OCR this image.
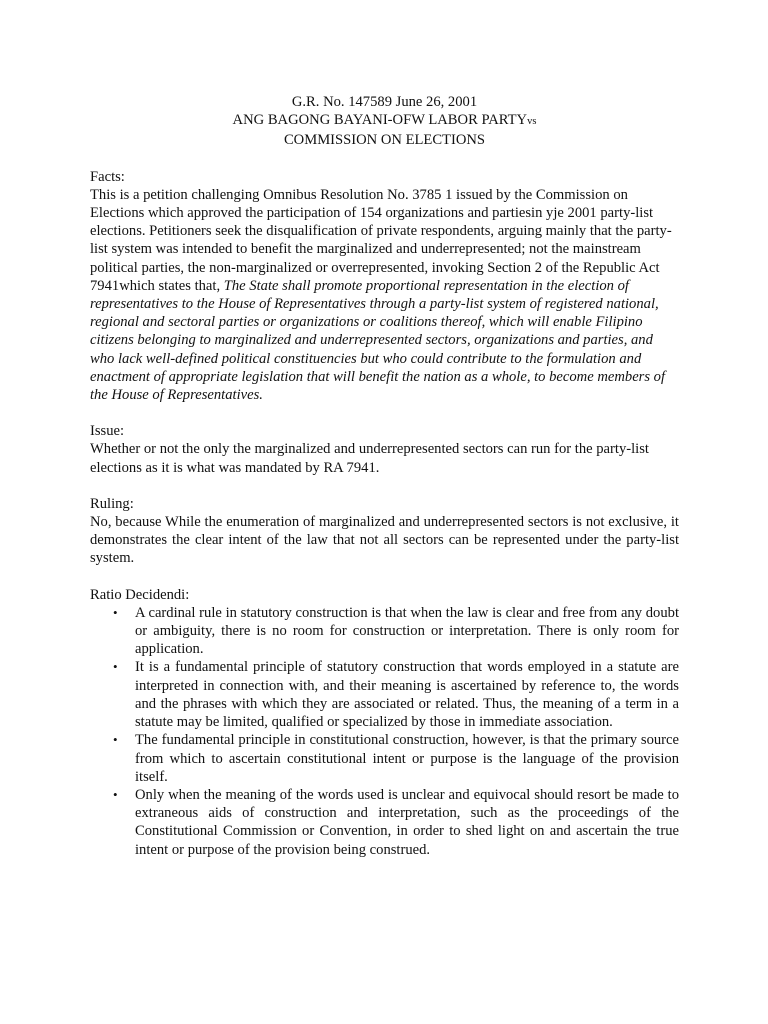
G.R. No. 147589 June 26, 2001
ANG BAGONG BAYANI-OFW LABOR PARTYvs
COMMISSION ON ELECTIONS

Facts:

This is a petition challenging Omnibus Resolution No. 3785 1 issued by the Commission on Elections which approved the participation of 154 organizations and partiesin yje 2001 party-list elections. Petitioners seek the disqualification of private respondents, arguing mainly that the party-list system was intended to benefit the marginalized and underrepresented; not the mainstream political parties, the non-marginalized or overrepresented, invoking Section 2 of the Republic Act 7941which states that, The State shall promote proportional representation in the election of representatives to the House of Representatives through a party-list system of registered national, regional and sectoral parties or organizations or coalitions thereof, which will enable Filipino citizens belonging to marginalized and underrepresented sectors, organizations and parties, and who lack well-defined political constituencies but who could contribute to the formulation and enactment of appropriate legislation that will benefit the nation as a whole, to become members of the House of Representatives.

Issue:

Whether or not the only the marginalized and underrepresented sectors can run for the party-list elections as it is what was mandated by RA 7941.

Ruling:

No, because While the enumeration of marginalized and underrepresented sectors is not exclusive, it demonstrates the clear intent of the law that not all sectors can be represented under the party-list system.

Ratio Decidendi:

• A cardinal rule in statutory construction is that when the law is clear and free from any doubt or ambiguity, there is no room for construction or interpretation. There is only room for application.
• It is a fundamental principle of statutory construction that words employed in a statute are interpreted in connection with, and their meaning is ascertained by reference to, the words and the phrases with which they are associated or related. Thus, the meaning of a term in a statute may be limited, qualified or specialized by those in immediate association.
• The fundamental principle in constitutional construction, however, is that the primary source from which to ascertain constitutional intent or purpose is the language of the provision itself.
• Only when the meaning of the words used is unclear and equivocal should resort be made to extraneous aids of construction and interpretation, such as the proceedings of the Constitutional Commission or Convention, in order to shed light on and ascertain the true intent or purpose of the provision being construed.
